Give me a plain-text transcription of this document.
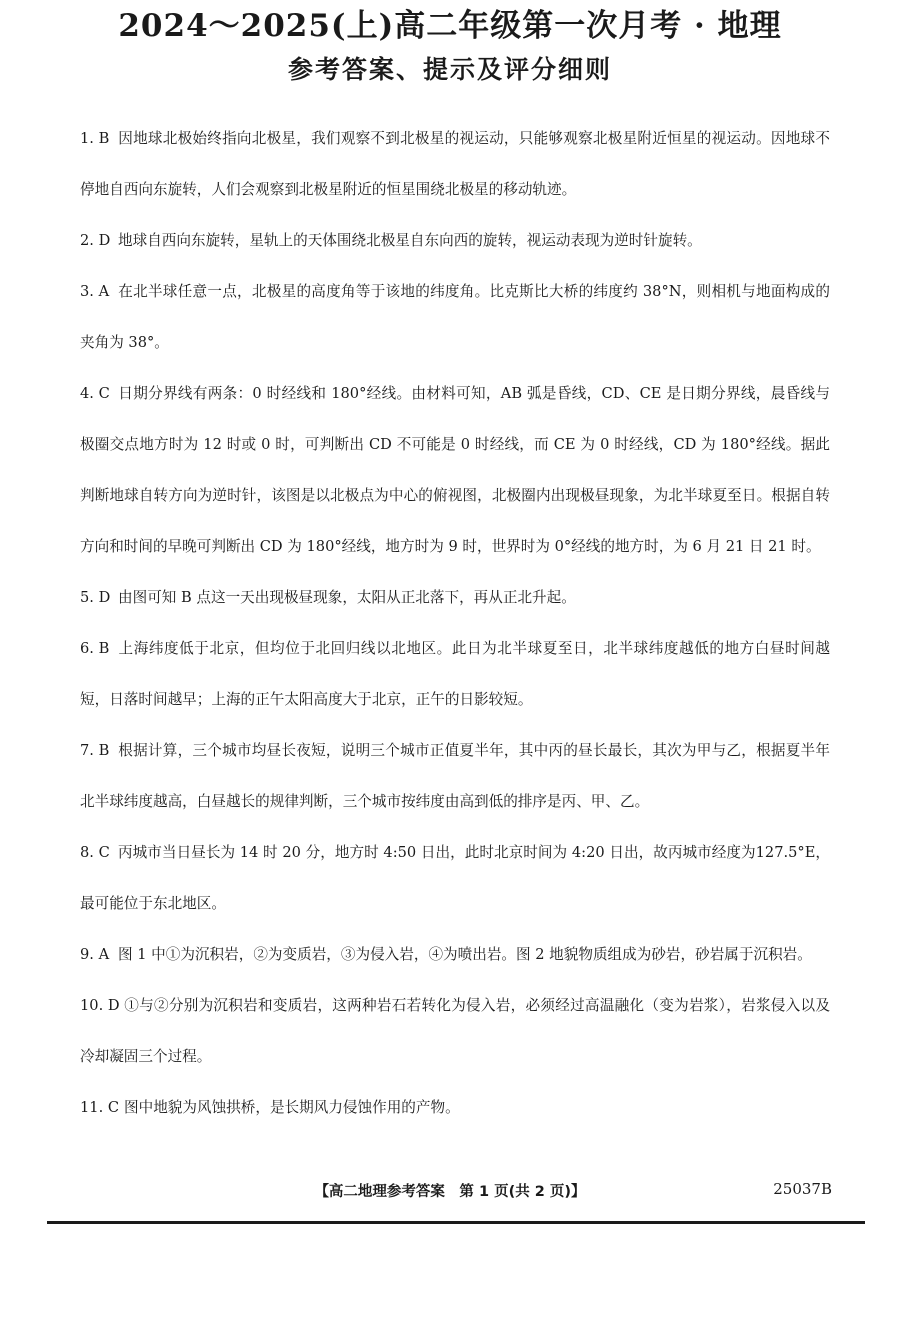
2024～2025(上)高二年级第一次月考 · 地理
参考答案、提示及评分细则
1. B 因地球北极始终指向北极星，我们观察不到北极星的视运动，只能够观察北极星附近恒星的视运动。因地球不停地自西向东旋转，人们会观察到北极星附近的恒星围绕北极星的移动轨迹。
2. D 地球自西向东旋转，星轨上的天体围绕北极星自东向西的旋转，视运动表现为逆时针旋转。
3. A 在北半球任意一点，北极星的高度角等于该地的纬度角。比克斯比大桥的纬度约 38°N，则相机与地面构成的夹角为 38°。
4. C 日期分界线有两条：0 时经线和 180°经线。由材料可知，AB 弧是昏线，CD、CE 是日期分界线，晨昏线与极圈交点地方时为 12 时或 0 时，可判断出 CD 不可能是 0 时经线，而 CE 为 0 时经线，CD 为 180°经线。据此判断地球自转方向为逆时针，该图是以北极点为中心的俯视图，北极圈内出现极昼现象，为北半球夏至日。根据自转方向和时间的早晚可判断出 CD 为 180°经线，地方时为 9 时，世界时为 0°经线的地方时，为 6 月 21 日 21 时。
5. D 由图可知 B 点这一天出现极昼现象，太阳从正北落下，再从正北升起。
6. B 上海纬度低于北京，但均位于北回归线以北地区。此日为北半球夏至日，北半球纬度越低的地方白昼时间越短，日落时间越早；上海的正午太阳高度大于北京，正午的日影较短。
7. B 根据计算，三个城市均昼长夜短，说明三个城市正值夏半年，其中丙的昼长最长，其次为甲与乙，根据夏半年北半球纬度越高，白昼越长的规律判断，三个城市按纬度由高到低的排序是丙、甲、乙。
8. C 丙城市当日昼长为 14 时 20 分，地方时 4:50 日出，此时北京时间为 4:20 日出，故丙城市经度为127.5°E，最可能位于东北地区。
9. A 图 1 中①为沉积岩，②为变质岩，③为侵入岩，④为喷出岩。图 2 地貌物质组成为砂岩，砂岩属于沉积岩。
10. D ①与②分别为沉积岩和变质岩，这两种岩石若转化为侵入岩，必须经过高温融化（变为岩浆），岩浆侵入以及冷却凝固三个过程。
11. C 图中地貌为风蚀拱桥，是长期风力侵蚀作用的产物。
【高二地理参考答案　第 1 页(共 2 页)】	25037B
